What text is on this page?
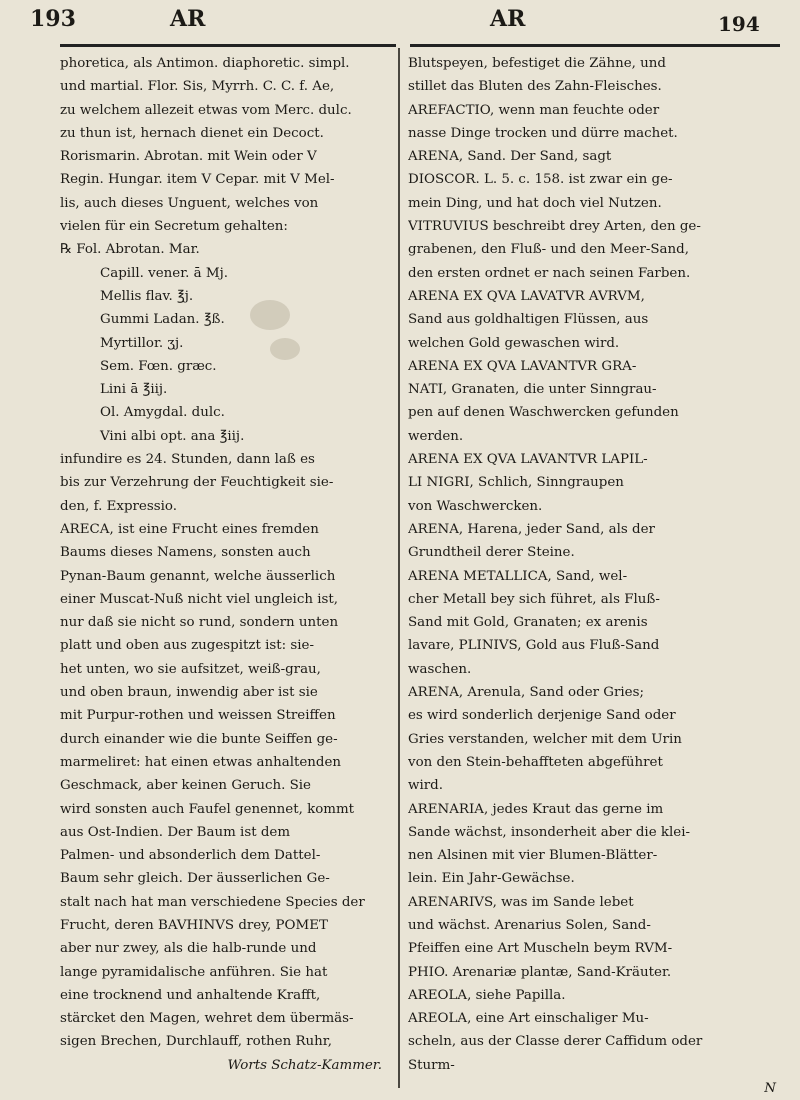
193	AR	AR	194
phoretica, als Antimon. diaphoretic. simpl.
und martial. Flor. Sis, Myrrh. C. C. f. Ae,
zu welchem allezeit etwas vom Merc. dulc.
zu thun ist, hernach dienet ein Decoct.
Rorismarin. Abrotan. mit Wein oder V
Regin. Hungar. item V Cepar. mit V Mel-
lis, auch dieses Unguent, welches von
vielen für ein Secretum gehalten:
℞ Fol. Abrotan. Mar.
Capill. vener. ā Mj.
Mellis flav. ℥j.
Gummi Ladan. ℥ß.
Myrtillor. ʒj.
Sem. Fœn. græc.
Lini ā ℥iij.
Ol. Amygdal. dulc.
Vini albi opt. ana ℥iij.
infundire es 24. Stunden, dann laß es
bis zur Verzehrung der Feuchtigkeit sie-
den, f. Expressio.
ARECA, ist eine Frucht eines fremden
Baums dieses Namens, sonsten auch
Pynan-Baum genannt, welche äusserlich
einer Muscat-Nuß nicht viel ungleich ist,
nur daß sie nicht so rund, sondern unten
platt und oben aus zugespitzt ist: sie-
het unten, wo sie aufsitzet, weiß-grau,
und oben braun, inwendig aber ist sie
mit Purpur-rothen und weissen Streiffen
durch einander wie die bunte Seiffen ge-
marmeliret: hat einen etwas anhaltenden
Geschmack, aber keinen Geruch. Sie
wird sonsten auch Faufel genennet, kommt
aus Ost-Indien. Der Baum ist dem
Palmen- und absonderlich dem Dattel-
Baum sehr gleich. Der äusserlichen Ge-
stalt nach hat man verschiedene Species der
Frucht, deren BAVHINVS drey, POMET
aber nur zwey, als die halb-runde und
lange pyramidalische anführen. Sie hat
eine trocknend und anhaltende Krafft,
stärcket den Magen, wehret dem übermäs-
sigen Brechen, Durchlauff, rothen Ruhr,
Worts Schatz-Kammer.
Blutspeyen, befestiget die Zähne, und
stillet das Bluten des Zahn-Fleisches.
AREFACTIO, wenn man feuchte oder
nasse Dinge trocken und dürre machet.
ARENA, Sand. Der Sand, sagt
DIOSCOR. L. 5. c. 158. ist zwar ein ge-
mein Ding, und hat doch viel Nutzen.
VITRUVIUS beschreibt drey Arten, den ge-
grabenen, den Fluß- und den Meer-Sand,
den ersten ordnet er nach seinen Farben.
ARENA EX QVA LAVATVR AVRVM,
Sand aus goldhaltigen Flüssen, aus
welchen Gold gewaschen wird.
ARENA EX QVA LAVANTVR GRA-
NATI, Granaten, die unter Sinngrau-
pen auf denen Waschwercken gefunden
werden.
ARENA EX QVA LAVANTVR LAPIL-
LI NIGRI, Schlich, Sinngraupen
von Waschwercken.
ARENA, Harena, jeder Sand, als der
Grundtheil derer Steine.
ARENA METALLICA, Sand, wel-
cher Metall bey sich führet, als Fluß-
Sand mit Gold, Granaten; ex arenis
lavare, PLINIVS, Gold aus Fluß-Sand
waschen.
ARENA, Arenula, Sand oder Gries;
es wird sonderlich derjenige Sand oder
Gries verstanden, welcher mit dem Urin
von den Stein-behaffteten abgeführet
wird.
ARENARIA, jedes Kraut das gerne im
Sande wächst, insonderheit aber die klei-
nen Alsinen mit vier Blumen-Blätter-
lein. Ein Jahr-Gewächse.
ARENARIVS, was im Sande lebet
und wächst. Arenarius Solen, Sand-
Pfeiffen eine Art Muscheln beym RVM-
PHIO. Arenariæ plantæ, Sand-Kräuter.
AREOLA, siehe Papilla.
AREOLA, eine Art einschaliger Mu-
scheln, aus der Classe derer Caffidum oder
Sturm-
N
